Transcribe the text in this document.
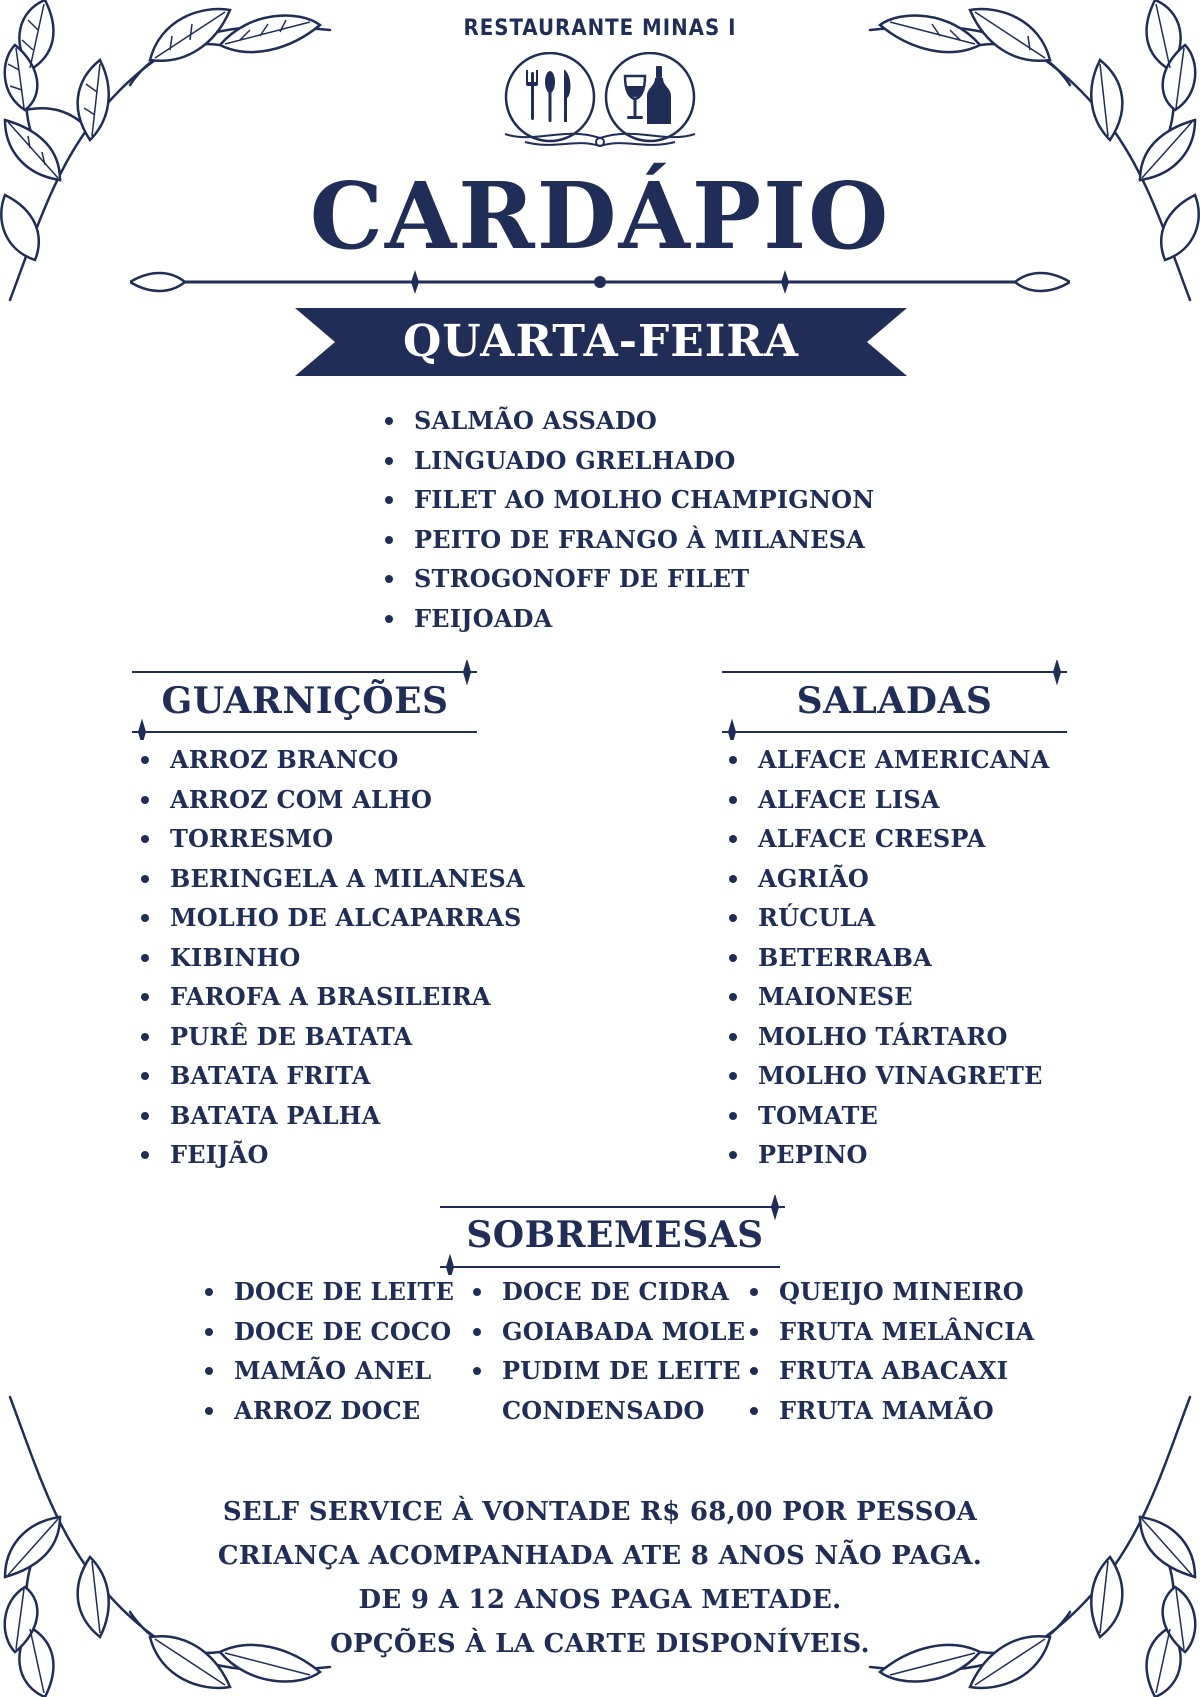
RESTAURANTE MINAS I
CARDÁPIO
QUARTA-FEIRA
SALMÃO ASSADO
LINGUADO GRELHADO
FILET AO MOLHO CHAMPIGNON
PEITO DE FRANGO À MILANESA
STROGONOFF DE FILET
FEIJOADA
GUARNIÇÕES	SALADAS
ARROZ BRANCO
ARROZ COM ALHO
TORRESMO
BERINGELA A MILANESA
MOLHO DE ALCAPARRAS
KIBINHO
FAROFA A BRASILEIRA
PURÊ DE BATATA
BATATA FRITA
BATATA PALHA
FEIJÃO
ALFACE AMERICANA
ALFACE LISA
ALFACE CRESPA
AGRIÃO
RÚCULA
BETERRABA
MAIONESE
MOLHO TÁRTARO
MOLHO VINAGRETE
TOMATE
PEPINO
SOBREMESAS
DOCE DE LEITE
DOCE DE COCO
MAMÃO ANEL
ARROZ DOCE
DOCE DE CIDRA
GOIABADA MOLE
PUDIM DE LEITE
CONDENSADO
QUEIJO MINEIRO
FRUTA MELÂNCIA
FRUTA ABACAXI
FRUTA MAMÃO
SELF SERVICE À VONTADE R$ 68,00 POR PESSOA
CRIANÇA ACOMPANHADA ATE 8 ANOS NÃO PAGA.
DE 9 A 12 ANOS PAGA METADE.
OPÇÕES À LA CARTE DISPONÍVEIS.
